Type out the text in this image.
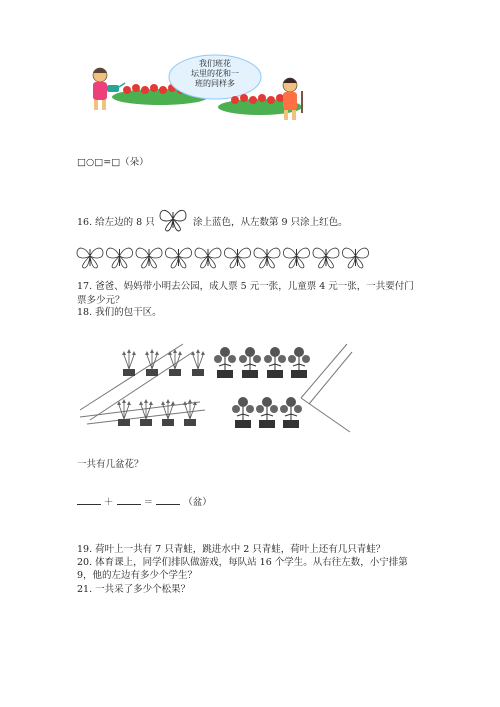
我们班花
坛里的花和一
班的同样多
□○□=□（朵）
16. 给左边的 8 只	涂上蓝色，从左数第 9 只涂上红色。
17. 爸爸、妈妈带小明去公园，成人票 5 元一张，儿童票 4 元一张，一共要付门
票多少元？
18. 我们的包干区。
一共有几盆花？
＋	＝	（盆）
19. 荷叶上一共有 7 只青蛙，跳进水中 2 只青蛙，荷叶上还有几只青蛙？
20. 体育课上，同学们排队做游戏，每队站 16 个学生。从右往左数，小宁排第
9，他的左边有多少个学生？
21. 一共采了多少个松果？
